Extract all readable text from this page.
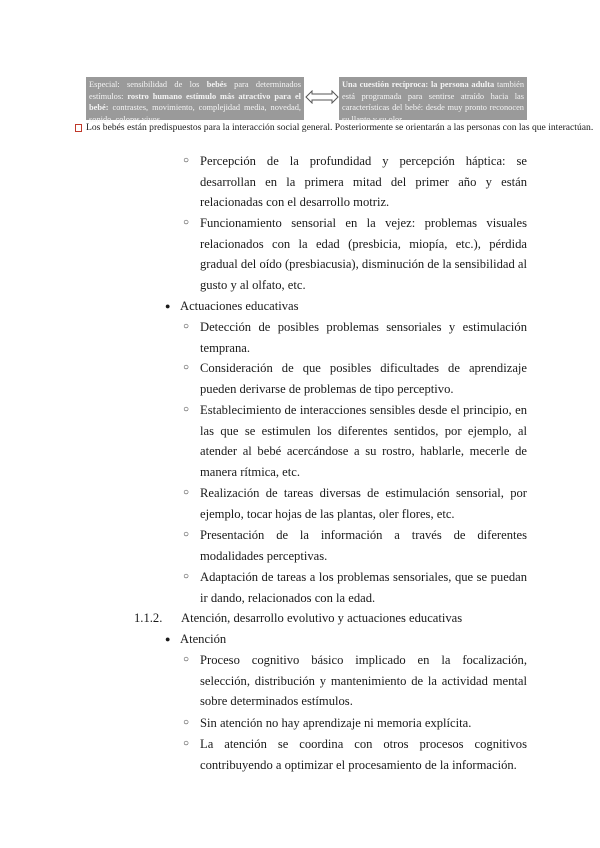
Especial: sensibilidad de los bebés para determinados estímulos: rostro humano estímulo más atractivo para el bebé: contrastes, movimiento, complejidad media, novedad, sonido, colores vivos.
Una cuestión recíproca: la persona adulta también está programada para sentirse atraído hacia las características del bebé: desde muy pronto reconocen su llanto y su olor.
Los bebés están predispuestos para la interacción social general. Posteriormente se orientarán a las personas con las que interactúan.
○ Percepción de la profundidad y percepción háptica: se desarrollan en la primera mitad del primer año y están relacionadas con el desarrollo motriz.
○ Funcionamiento sensorial en la vejez: problemas visuales relacionados con la edad (presbicia, miopía, etc.), pérdida gradual del oído (presbiacusia), disminución de la sensibilidad al gusto y al olfato, etc.
● Actuaciones educativas
○ Detección de posibles problemas sensoriales y estimulación temprana.
○ Consideración de que posibles dificultades de aprendizaje pueden derivarse de problemas de tipo perceptivo.
○ Establecimiento de interacciones sensibles desde el principio, en las que se estimulen los diferentes sentidos, por ejemplo, al atender al bebé acercándose a su rostro, hablarle, mecerle de manera rítmica, etc.
○ Realización de tareas diversas de estimulación sensorial, por ejemplo, tocar hojas de las plantas, oler flores, etc.
○ Presentación de la información a través de diferentes modalidades perceptivas.
○ Adaptación de tareas a los problemas sensoriales, que se puedan ir dando, relacionados con la edad.
1.1.2. Atención, desarrollo evolutivo y actuaciones educativas
● Atención
○ Proceso cognitivo básico implicado en la focalización, selección, distribución y mantenimiento de la actividad mental sobre determinados estímulos.
○ Sin atención no hay aprendizaje ni memoria explícita.
○ La atención se coordina con otros procesos cognitivos contribuyendo a optimizar el procesamiento de la información.
